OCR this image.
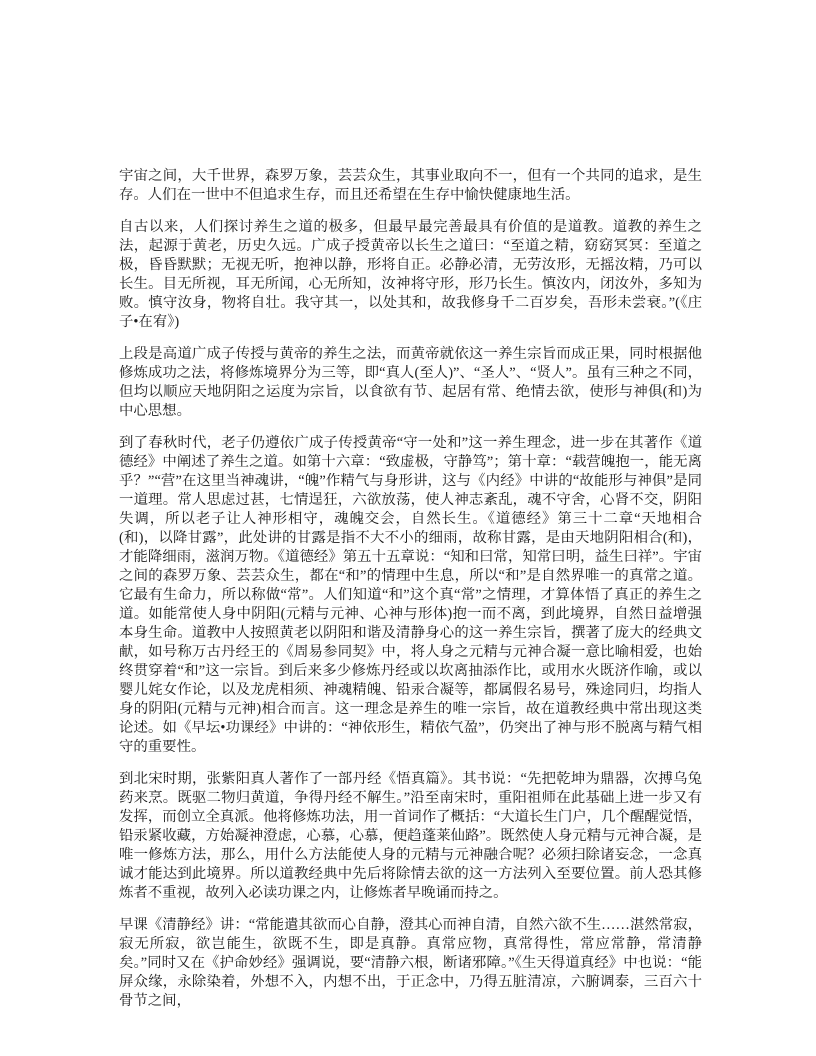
宇宙之间，大千世界，森罗万象，芸芸众生，其事业取向不一，但有一个共同的追求，是生存。人们在一世中不但追求生存，而且还希望在生存中愉快健康地生活。

自古以来，人们探讨养生之道的极多，但最早最完善最具有价值的是道教。道教的养生之法，起源于黄老，历史久远。广成子授黄帝以长生之道曰：“至道之精，窈窈冥冥：至道之极，昏昏默默；无视无听，抱神以静，形将自正。必静必清，无劳汝形，无摇汝精，乃可以长生。目无所视，耳无所闻，心无所知，汝神将守形，形乃长生。慎汝内，闭汝外，多知为败。慎守汝身，物将自壮。我守其一，以处其和，故我修身千二百岁矣，吾形未尝衰。”(《庄子•在宥》)

上段是高道广成子传授与黄帝的养生之法，而黄帝就依这一养生宗旨而成正果，同时根据他修炼成功之法，将修炼境界分为三等，即“真人(至人)”、“圣人”、“贤人”。虽有三种之不同，但均以顺应天地阴阳之运度为宗旨，以食欲有节、起居有常、绝情去欲，使形与神俱(和)为中心思想。

到了春秋时代，老子仍遵依广成子传授黄帝“守一处和”这一养生理念，进一步在其著作《道德经》中阐述了养生之道。如第十六章：“致虚极，守静笃”；第十章：“载营魄抱一，能无离乎？”“营”在这里当神魂讲，“魄”作精气与身形讲，这与《内经》中讲的“故能形与神俱”是同一道理。常人思虑过甚，七情逞狂，六欲放荡，使人神志紊乱，魂不守舍，心肾不交，阴阳失调，所以老子让人神形相守，魂魄交会，自然长生。《道德经》第三十二章“天地相合(和)，以降甘露”，此处讲的甘露是指不大不小的细雨，故称甘露，是由天地阴阳相合(和)，才能降细雨，滋润万物。《道德经》第五十五章说：“知和曰常，知常曰明，益生曰祥”。宇宙之间的森罗万象、芸芸众生，都在“和”的情理中生息，所以“和”是自然界唯一的真常之道。它最有生命力，所以称做“常”。人们知道“和”这个真“常”之情理，才算体悟了真正的养生之道。如能常使人身中阴阳(元精与元神、心神与形体)抱一而不离，到此境界，自然日益增强本身生命。道教中人按照黄老以阴阳和谐及清静身心的这一养生宗旨，撰著了庞大的经典文献，如号称万古丹经王的《周易参同契》中，将人身之元精与元神合凝一意比喻相爱，也始终贯穿着“和”这一宗旨。到后来多少修炼丹经或以坎离抽添作比，或用水火既济作喻，或以婴儿姹女作论，以及龙虎相须、神魂精魄、铅汞合凝等，都属假名易号，殊途同归，均指人身的阴阳(元精与元神)相合而言。这一理念是养生的唯一宗旨，故在道教经典中常出现这类论述。如《早坛•功课经》中讲的：“神依形生，精依气盈”，仍突出了神与形不脱离与精气相守的重要性。

到北宋时期，张紫阳真人著作了一部丹经《悟真篇》。其书说：“先把乾坤为鼎器，次搏乌兔药来烹。既驱二物归黄道，争得丹经不解生。”沿至南宋时，重阳祖师在此基础上进一步又有发挥，而创立全真派。他将修炼功法，用一首词作了概括：“大道长生门户，几个醒醒觉悟，铅汞紧收藏，方始凝神澄虑，心慕，心慕，便趋蓬莱仙路”。既然使人身元精与元神合凝，是唯一修炼方法，那么，用什么方法能使人身的元精与元神融合呢？必须扫除诸妄念，一念真诚才能达到此境界。所以道教经典中先后将除情去欲的这一方法列入至要位置。前人恐其修炼者不重视，故列入必读功课之内，让修炼者早晚诵而持之。

早课《清静经》讲：“常能遣其欲而心自静，澄其心而神自清，自然六欲不生……湛然常寂，寂无所寂，欲岂能生，欲既不生，即是真静。真常应物，真常得性，常应常静，常清静矣。”同时又在《护命妙经》强调说，要“清静六根，断诸邪障。”《生天得道真经》中也说：“能屏众缘，永除染着，外想不入，内想不出，于正念中，乃得五脏清凉，六腑调泰，三百六十骨节之间，
